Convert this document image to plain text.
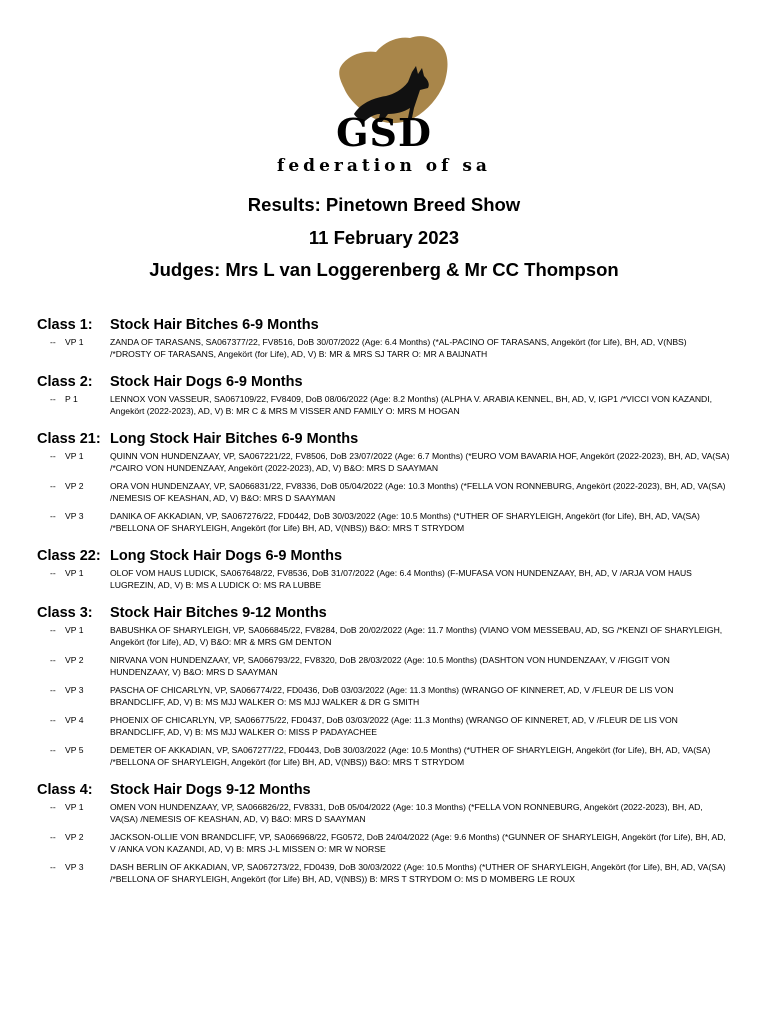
GSD
federation of sa
Results: Pinetown Breed Show
11 February 2023
Judges: Mrs L van Loggerenberg & Mr CC Thompson
Class 1: Stock Hair Bitches 6-9 Months
-- VP 1	ZANDA OF TARASANS, SA067377/22, FV8516, DoB 30/07/2022 (Age: 6.4 Months) (*AL-PACINO OF TARASANS, Angekört (for Life), BH, AD, V(NBS) /*DROSTY OF TARASANS, Angekört (for Life), AD, V) B: MR & MRS SJ TARR O: MR A BAIJNATH
Class 2: Stock Hair Dogs 6-9 Months
-- P 1	LENNOX VON VASSEUR, SA067109/22, FV8409, DoB 08/06/2022 (Age: 8.2 Months) (ALPHA V. ARABIA KENNEL, BH, AD, V, IGP1 /*VICCI VON KAZANDI, Angekört (2022-2023), AD, V) B: MR C & MRS M VISSER AND FAMILY O: MRS M HOGAN
Class 21: Long Stock Hair Bitches 6-9 Months
-- VP 1	QUINN VON HUNDENZAAY, VP, SA067221/22, FV8506, DoB 23/07/2022 (Age: 6.7 Months) (*EURO VOM BAVARIA HOF, Angekört (2022-2023), BH, AD, VA(SA) /*CAIRO VON HUNDENZAAY, Angekört (2022-2023), AD, V) B&O: MRS D SAAYMAN
-- VP 2	ORA VON HUNDENZAAY, VP, SA066831/22, FV8336, DoB 05/04/2022 (Age: 10.3 Months) (*FELLA VON RONNEBURG, Angekört (2022-2023), BH, AD, VA(SA) /NEMESIS OF KEASHAN, AD, V) B&O: MRS D SAAYMAN
-- VP 3	DANIKA OF AKKADIAN, VP, SA067276/22, FD0442, DoB 30/03/2022 (Age: 10.5 Months) (*UTHER OF SHARYLEIGH, Angekört (for Life), BH, AD, VA(SA) /*BELLONA OF SHARYLEIGH, Angekört (for Life) BH, AD, V(NBS)) B&O: MRS T STRYDOM
Class 22: Long Stock Hair Dogs 6-9 Months
-- VP 1	OLOF VOM HAUS LUDICK, SA067648/22, FV8536, DoB 31/07/2022 (Age: 6.4 Months) (F-MUFASA VON HUNDENZAAY, BH, AD, V /ARJA VOM HAUS LUGREZIN, AD, V) B: MS A LUDICK O: MS RA LUBBE
Class 3: Stock Hair Bitches 9-12 Months
-- VP 1	BABUSHKA OF SHARYLEIGH, VP, SA066845/22, FV8284, DoB 20/02/2022 (Age: 11.7 Months) (VIANO VOM MESSEBAU, AD, SG /*KENZI OF SHARYLEIGH, Angekört (for Life), AD, V) B&O: MR & MRS GM DENTON
-- VP 2	NIRVANA VON HUNDENZAAY, VP, SA066793/22, FV8320, DoB 28/03/2022 (Age: 10.5 Months) (DASHTON VON HUNDENZAAY, V /FIGGIT VON HUNDENZAAY, V) B&O: MRS D SAAYMAN
-- VP 3	PASCHA OF CHICARLYN, VP, SA066774/22, FD0436, DoB 03/03/2022 (Age: 11.3 Months) (WRANGO OF KINNERET, AD, V /FLEUR DE LIS VON BRANDCLIFF, AD, V) B: MS MJJ WALKER O: MS MJJ WALKER & DR G SMITH
-- VP 4	PHOENIX OF CHICARLYN, VP, SA066775/22, FD0437, DoB 03/03/2022 (Age: 11.3 Months) (WRANGO OF KINNERET, AD, V /FLEUR DE LIS VON BRANDCLIFF, AD, V) B: MS MJJ WALKER O: MISS P PADAYACHEE
-- VP 5	DEMETER OF AKKADIAN, VP, SA067277/22, FD0443, DoB 30/03/2022 (Age: 10.5 Months) (*UTHER OF SHARYLEIGH, Angekört (for Life), BH, AD, VA(SA) /*BELLONA OF SHARYLEIGH, Angekört (for Life) BH, AD, V(NBS)) B&O: MRS T STRYDOM
Class 4: Stock Hair Dogs 9-12 Months
-- VP 1	OMEN VON HUNDENZAAY, VP, SA066826/22, FV8331, DoB 05/04/2022 (Age: 10.3 Months) (*FELLA VON RONNEBURG, Angekört (2022-2023), BH, AD, VA(SA) /NEMESIS OF KEASHAN, AD, V) B&O: MRS D SAAYMAN
-- VP 2	JACKSON-OLLIE VON BRANDCLIFF, VP, SA066968/22, FG0572, DoB 24/04/2022 (Age: 9.6 Months) (*GUNNER OF SHARYLEIGH, Angekört (for Life), BH, AD, V /ANKA VON KAZANDI, AD, V) B: MRS J-L MISSEN O: MR W NORSE
-- VP 3	DASH BERLIN OF AKKADIAN, VP, SA067273/22, FD0439, DoB 30/03/2022 (Age: 10.5 Months) (*UTHER OF SHARYLEIGH, Angekört (for Life), BH, AD, VA(SA) /*BELLONA OF SHARYLEIGH, Angekört (for Life) BH, AD, V(NBS)) B: MRS T STRYDOM O: MS D MOMBERG LE ROUX
